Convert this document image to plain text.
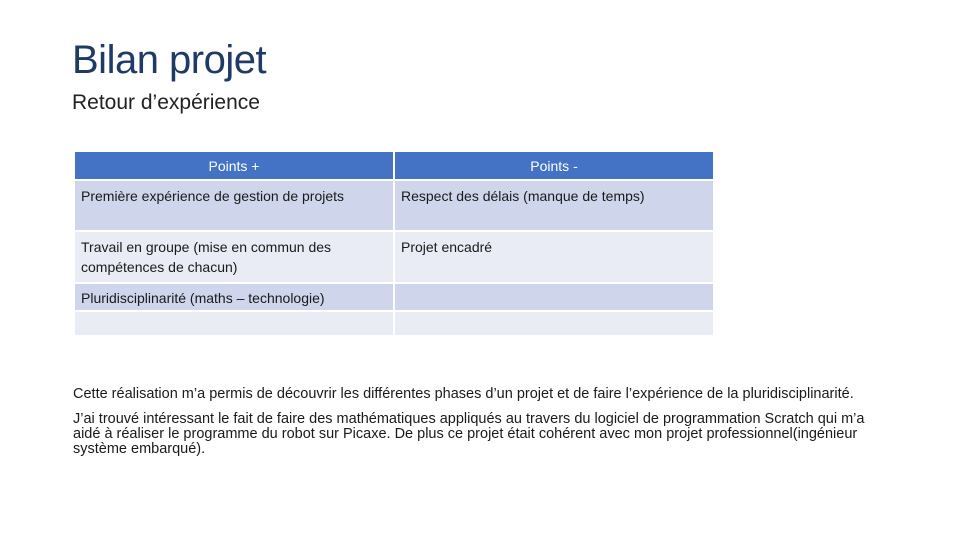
Bilan projet
Retour d’expérience
Points +	Points -
Première expérience de gestion de projets	Respect des délais (manque de temps)
Travail en groupe (mise en commun des compétences de chacun)	Projet encadré
Pluridisciplinarité (maths – technologie)	

Cette réalisation m’a permis de découvrir les différentes phases d’un projet et de faire l’expérience de la pluridisciplinarité.

J’ai trouvé intéressant le fait de faire des mathématiques appliqués au travers du logiciel de programmation Scratch qui m’a aidé à réaliser le programme du robot sur Picaxe. De plus ce projet était cohérent avec mon projet professionnel(ingénieur système embarqué).
